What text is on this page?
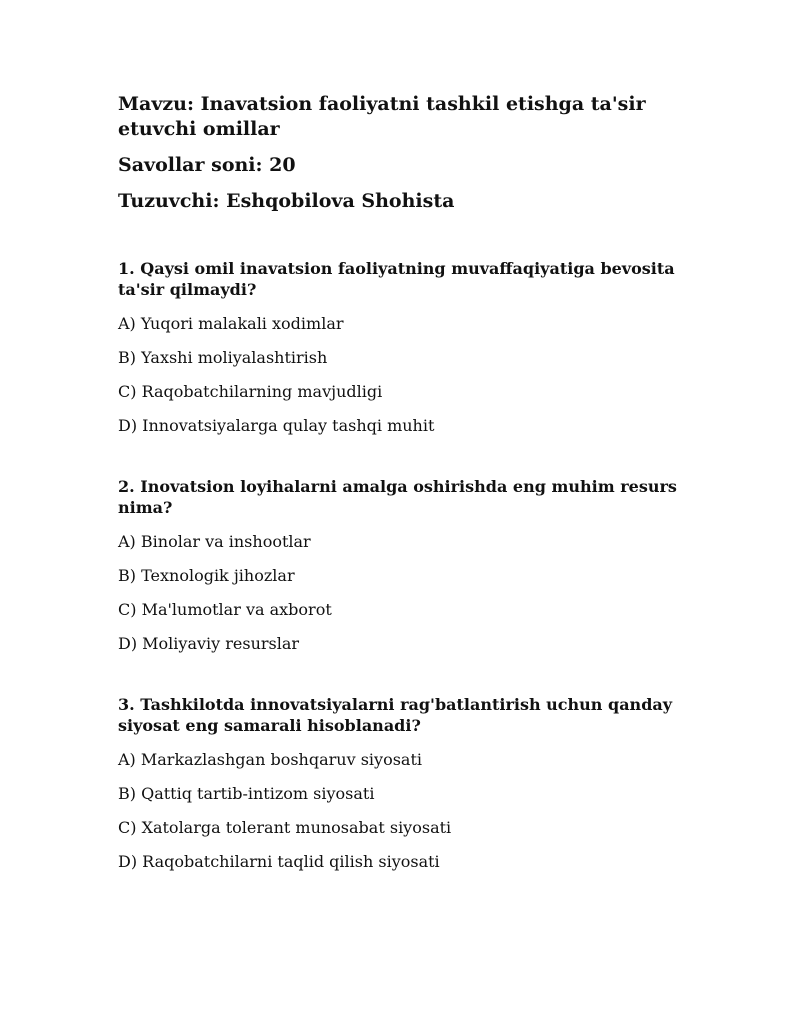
Mavzu: Inavatsion faoliyatni tashkil etishga ta'sir etuvchi omillar

Savollar soni: 20

Tuzuvchi: Eshqobilova Shohista

1. Qaysi omil inavatsion faoliyatning muvaffaqiyatiga bevosita ta'sir qilmaydi?

A) Yuqori malakali xodimlar

B) Yaxshi moliyalashtirish

C) Raqobatchilarning mavjudligi

D) Innovatsiyalarga qulay tashqi muhit

2. Inovatsion loyihalarni amalga oshirishda eng muhim resurs nima?

A) Binolar va inshootlar

B) Texnologik jihozlar

C) Ma'lumotlar va axborot

D) Moliyaviy resurslar

3. Tashkilotda innovatsiyalarni rag'batlantirish uchun qanday siyosat eng samarali hisoblanadi?

A) Markazlashgan boshqaruv siyosati

B) Qattiq tartib-intizom siyosati

C) Xatolarga tolerant munosabat siyosati

D) Raqobatchilarni taqlid qilish siyosati
